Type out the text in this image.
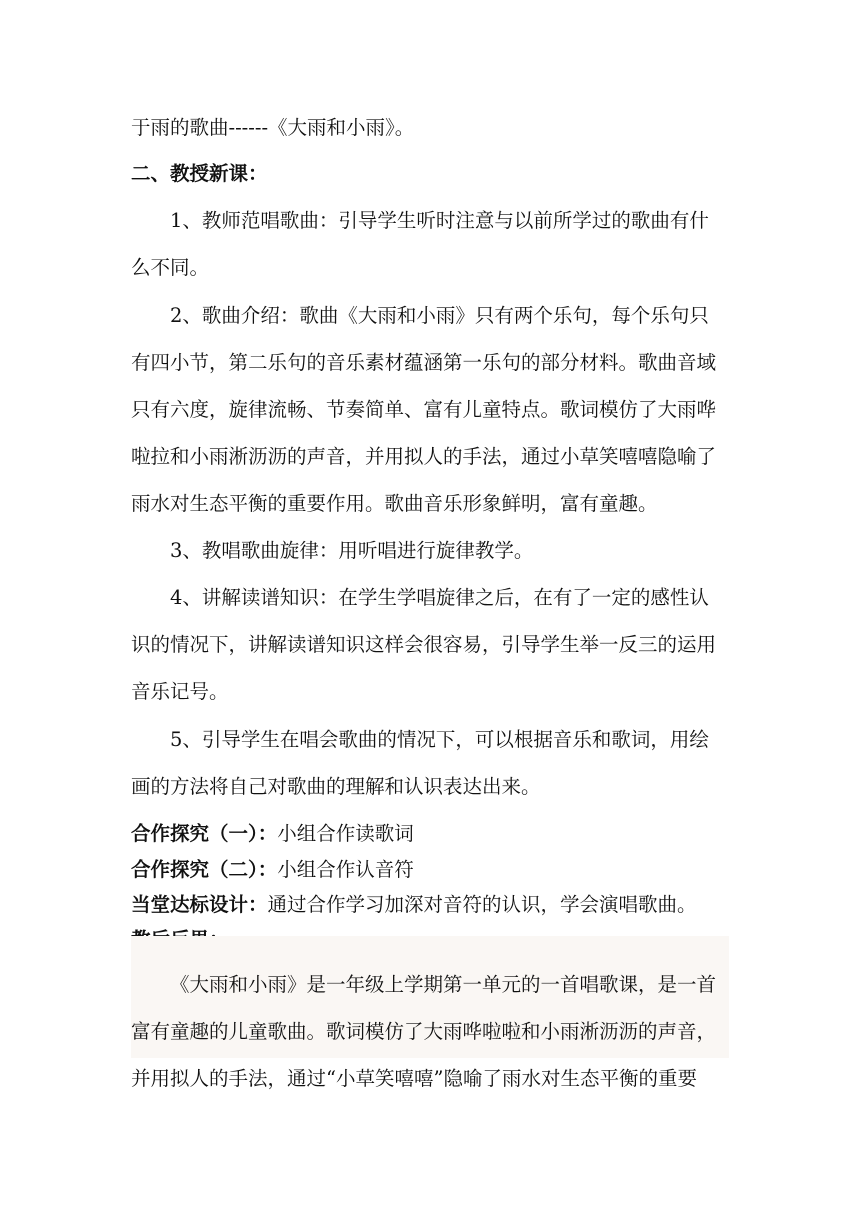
于雨的歌曲------《大雨和小雨》。

二、教授新课：

1、教师范唱歌曲：引导学生听时注意与以前所学过的歌曲有什

么不同。

2、歌曲介绍：歌曲《大雨和小雨》只有两个乐句，每个乐句只

有四小节，第二乐句的音乐素材蕴涵第一乐句的部分材料。歌曲音域

只有六度，旋律流畅、节奏简单、富有儿童特点。歌词模仿了大雨哗

啦拉和小雨淅沥沥的声音，并用拟人的手法，通过小草笑嘻嘻隐喻了

雨水对生态平衡的重要作用。歌曲音乐形象鲜明，富有童趣。

3、教唱歌曲旋律：用听唱进行旋律教学。

4、讲解读谱知识：在学生学唱旋律之后，在有了一定的感性认

识的情况下，讲解读谱知识这样会很容易，引导学生举一反三的运用

音乐记号。

5、引导学生在唱会歌曲的情况下，可以根据音乐和歌词，用绘

画的方法将自己对歌曲的理解和认识表达出来。

合作探究（一）：小组合作读歌词

合作探究（二）：小组合作认音符

当堂达标设计：通过合作学习加深对音符的认识，学会演唱歌曲。

《大雨和小雨》是一年级上学期第一单元的一首唱歌课，是一首

富有童趣的儿童歌曲。歌词模仿了大雨哗啦啦和小雨淅沥沥的声音，

并用拟人的手法，通过“小草笑嘻嘻”隐喻了雨水对生态平衡的重要
